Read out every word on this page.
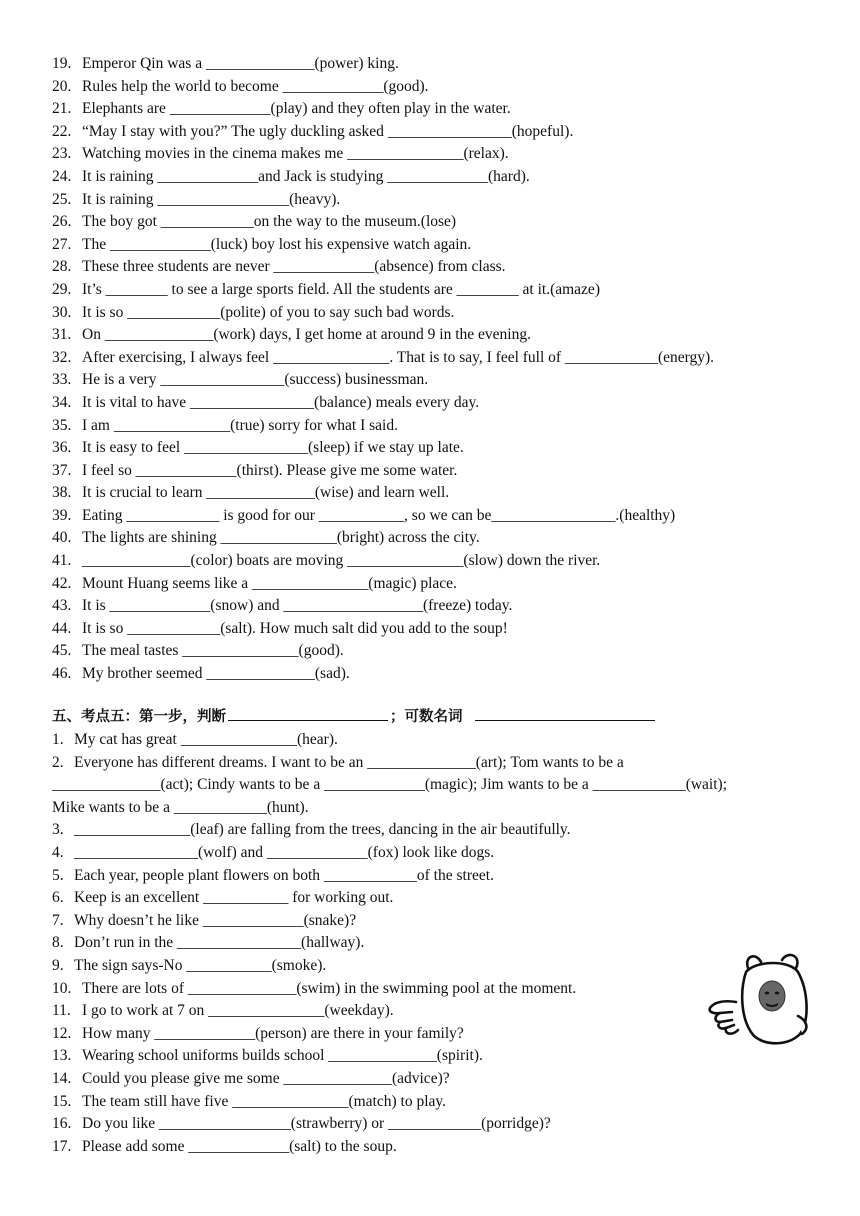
19. Emperor Qin was a ______________(power) king.
20. Rules help the world to become _____________(good).
21. Elephants are _____________(play) and they often play in the water.
22. “May I stay with you?” The ugly duckling asked ________________(hopeful).
23. Watching movies in the cinema makes me _______________(relax).
24. It is raining _____________and Jack is studying _____________(hard).
25. It is raining _________________(heavy).
26. The boy got ____________on the way to the museum.(lose)
27. The _____________(luck) boy lost his expensive watch again.
28. These three students are never _____________(absence) from class.
29. It’s ________ to see a large sports field. All the students are ________ at it.(amaze)
30. It is so ____________(polite) of you to say such bad words.
31. On ______________(work) days, I get home at around 9 in the evening.
32. After exercising, I always feel _______________. That is to say, I feel full of ____________(energy).
33. He is a very ________________(success) businessman.
34. It is vital to have ________________(balance) meals every day.
35. I am _______________(true) sorry for what I said.
36. It is easy to feel ________________(sleep) if we stay up late.
37. I feel so _____________(thirst). Please give me some water.
38. It is crucial to learn ______________(wise) and learn well.
39. Eating ____________ is good for our ___________, so we can be________________.(healthy)
40. The lights are shining _______________(bright) across the city.
41. ______________(color) boats are moving _______________(slow) down the river.
42. Mount Huang seems like a _______________(magic) place.
43. It is _____________(snow) and __________________(freeze) today.
44. It is so ____________(salt). How much salt did you add to the soup!
45. The meal tastes _______________(good).
46. My brother seemed ______________(sad).
五、考点五：第一步，判断	；可数名词
1. My cat has great _______________(hear).
2. Everyone has different dreams. I want to be an ______________(art); Tom wants to be a
______________(act); Cindy wants to be a _____________(magic); Jim wants to be a ____________(wait);
Mike wants to be a ____________(hunt).
3. _______________(leaf) are falling from the trees, dancing in the air beautifully.
4. ________________(wolf) and _____________(fox) look like dogs.
5. Each year, people plant flowers on both ____________of the street.
6. Keep is an excellent ___________ for working out.
7. Why doesn’t he like _____________(snake)?
8. Don’t run in the ________________(hallway).
9. The sign says-No ___________(smoke).
10. There are lots of ______________(swim) in the swimming pool at the moment.
11. I go to work at 7 on _______________(weekday).
12. How many _____________(person) are there in your family?
13. Wearing school uniforms builds school ______________(spirit).
14. Could you please give me some ______________(advice)?
15. The team still have five _______________(match) to play.
16. Do you like _________________(strawberry) or ____________(porridge)?
17. Please add some _____________(salt) to the soup.
